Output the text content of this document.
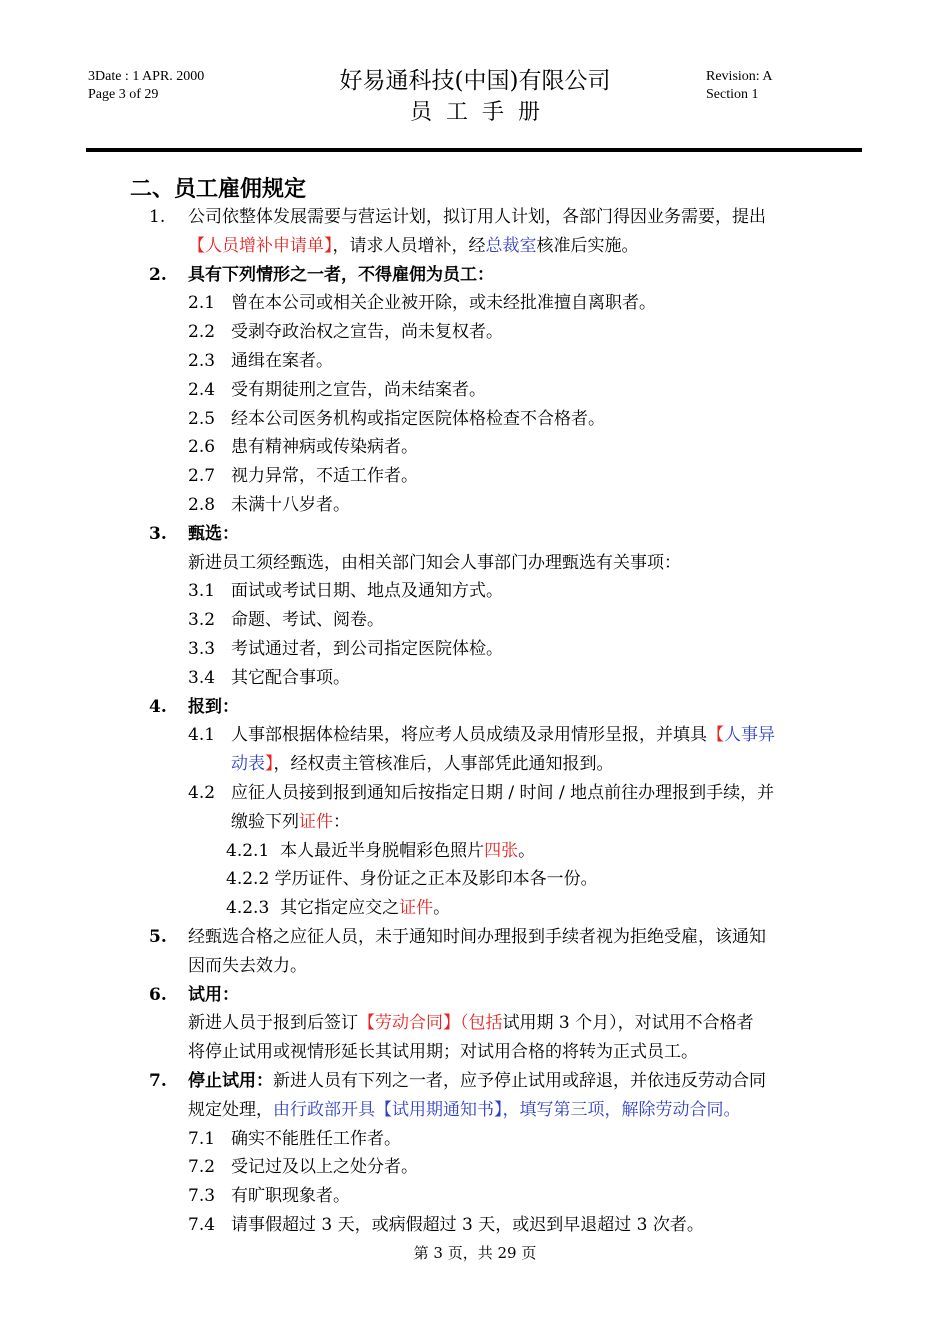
3Date : 1 APR. 2000
Page 3 of 29
好易通科技(中国)有限公司
员工手册
Revision: A
Section 1
二、员工雇佣规定
1. 公司依整体发展需要与营运计划，拟订用人计划，各部门得因业务需要，提出
【人员增补申请单】，请求人员增补，经总裁室核准后实施。
2. 具有下列情形之一者，不得雇佣为员工：
2.1 曾在本公司或相关企业被开除，或未经批准擅自离职者。
2.2 受剥夺政治权之宣告，尚未复权者。
2.3 通缉在案者。
2.4 受有期徒刑之宣告，尚未结案者。
2.5 经本公司医务机构或指定医院体格检查不合格者。
2.6 患有精神病或传染病者。
2.7 视力异常，不适工作者。
2.8 未满十八岁者。
3. 甄选：
新进员工须经甄选，由相关部门知会人事部门办理甄选有关事项：
3.1 面试或考试日期、地点及通知方式。
3.2 命题、考试、阅卷。
3.3 考试通过者，到公司指定医院体检。
3.4 其它配合事项。
4. 报到：
4.1 人事部根据体检结果，将应考人员成绩及录用情形呈报，并填具【人事异
动表】，经权责主管核准后，人事部凭此通知报到。
4.2 应征人员接到报到通知后按指定日期 / 时间 / 地点前往办理报到手续，并
缴验下列证件：
4.2.1 本人最近半身脱帽彩色照片四张。
4.2.2 学历证件、身份证之正本及影印本各一份。
4.2.3 其它指定应交之证件。
5. 经甄选合格之应征人员，未于通知时间办理报到手续者视为拒绝受雇，该通知
因而失去效力。
6. 试用：
新进人员于报到后签订【劳动合同】（包括试用期 3 个月），对试用不合格者
将停止试用或视情形延长其试用期；对试用合格的将转为正式员工。
7. 停止试用：新进人员有下列之一者，应予停止试用或辞退，并依违反劳动合同
规定处理，由行政部开具【试用期通知书】，填写第三项，解除劳动合同。
7.1 确实不能胜任工作者。
7.2 受记过及以上之处分者。
7.3 有旷职现象者。
7.4 请事假超过 3 天，或病假超过 3 天，或迟到早退超过 3 次者。
第 3 页，共 29 页
